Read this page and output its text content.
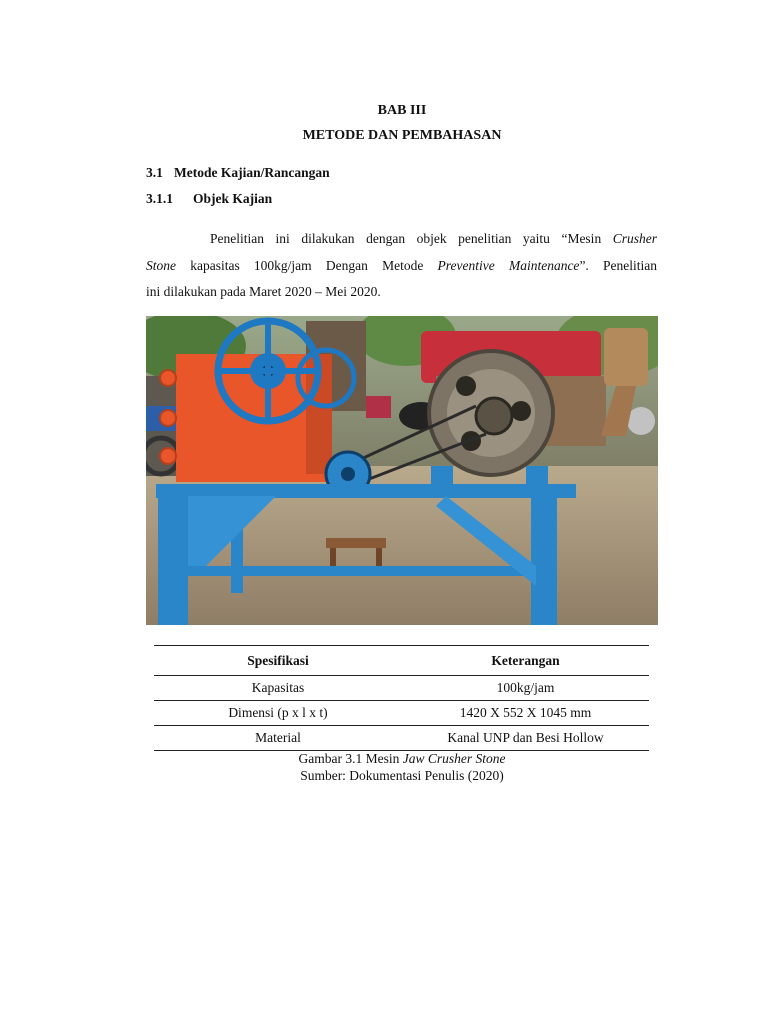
BAB III
METODE DAN PEMBAHASAN
3.1 Metode Kajian/Rancangan
3.1.1 Objek Kajian
Penelitian ini dilakukan dengan objek penelitian yaitu “Mesin Crusher
Stone kapasitas 100kg/jam Dengan Metode Preventive Maintenance”. Penelitian
ini dilakukan pada Maret 2020 – Mei 2020.
Spesifikasi	Keterangan
Kapasitas	100kg/jam
Dimensi (p x l x t)	1420 X 552 X 1045 mm
Material	Kanal UNP dan Besi Hollow
Gambar 3.1 Mesin Jaw Crusher Stone
Sumber: Dokumentasi Penulis (2020)
